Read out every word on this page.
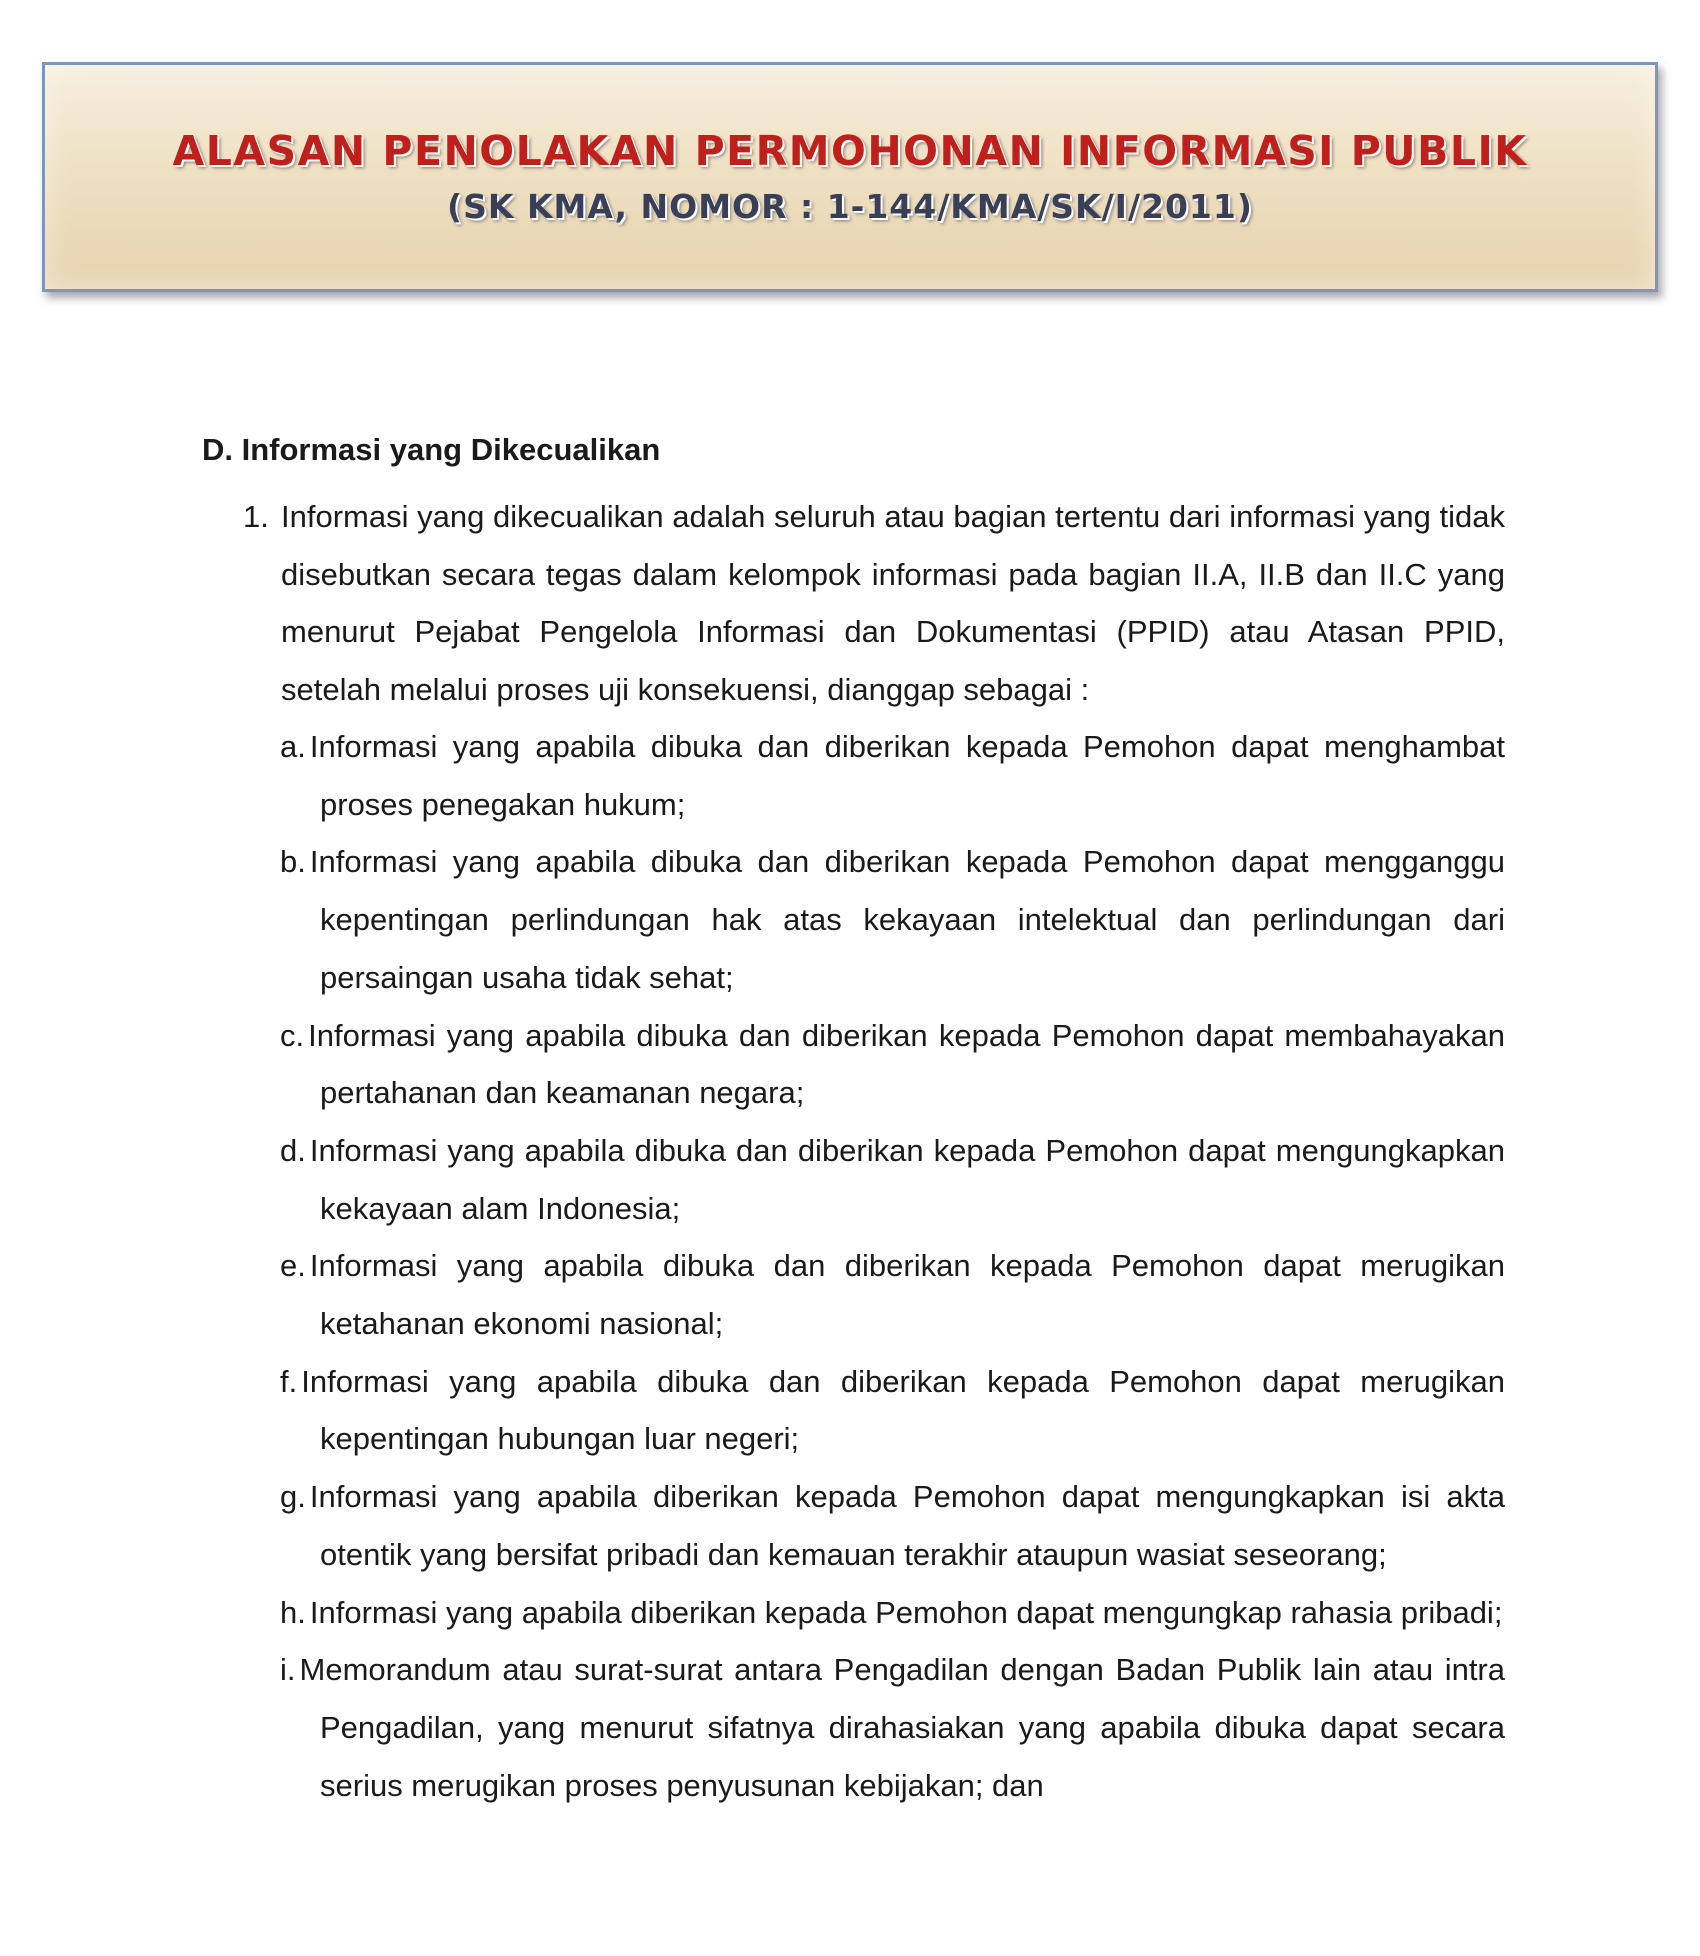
ALASAN PENOLAKAN PERMOHONAN INFORMASI PUBLIK
(SK KMA, NOMOR : 1-144/KMA/SK/I/2011)
D. Informasi yang Dikecualikan
1. Informasi yang dikecualikan adalah seluruh atau bagian tertentu dari informasi yang tidak disebutkan secara tegas dalam kelompok informasi pada bagian II.A, II.B dan II.C yang menurut Pejabat Pengelola Informasi dan Dokumentasi (PPID) atau Atasan PPID, setelah melalui proses uji konsekuensi, dianggap sebagai :
a. Informasi yang apabila dibuka dan diberikan kepada Pemohon dapat menghambat proses penegakan hukum;
b. Informasi yang apabila dibuka dan diberikan kepada Pemohon dapat mengganggu kepentingan perlindungan hak atas kekayaan intelektual dan perlindungan dari persaingan usaha tidak sehat;
c. Informasi yang apabila dibuka dan diberikan kepada Pemohon dapat membahayakan pertahanan dan keamanan negara;
d. Informasi yang apabila dibuka dan diberikan kepada Pemohon dapat mengungkapkan kekayaan alam Indonesia;
e. Informasi yang apabila dibuka dan diberikan kepada Pemohon dapat merugikan ketahanan ekonomi nasional;
f. Informasi yang apabila dibuka dan diberikan kepada Pemohon dapat merugikan kepentingan hubungan luar negeri;
g. Informasi yang apabila diberikan kepada Pemohon dapat mengungkapkan isi akta otentik yang bersifat pribadi dan kemauan terakhir ataupun wasiat seseorang;
h. Informasi yang apabila diberikan kepada Pemohon dapat mengungkap rahasia pribadi;
i. Memorandum atau surat-surat antara Pengadilan dengan Badan Publik lain atau intra Pengadilan, yang menurut sifatnya dirahasiakan yang apabila dibuka dapat secara serius merugikan proses penyusunan kebijakan; dan
